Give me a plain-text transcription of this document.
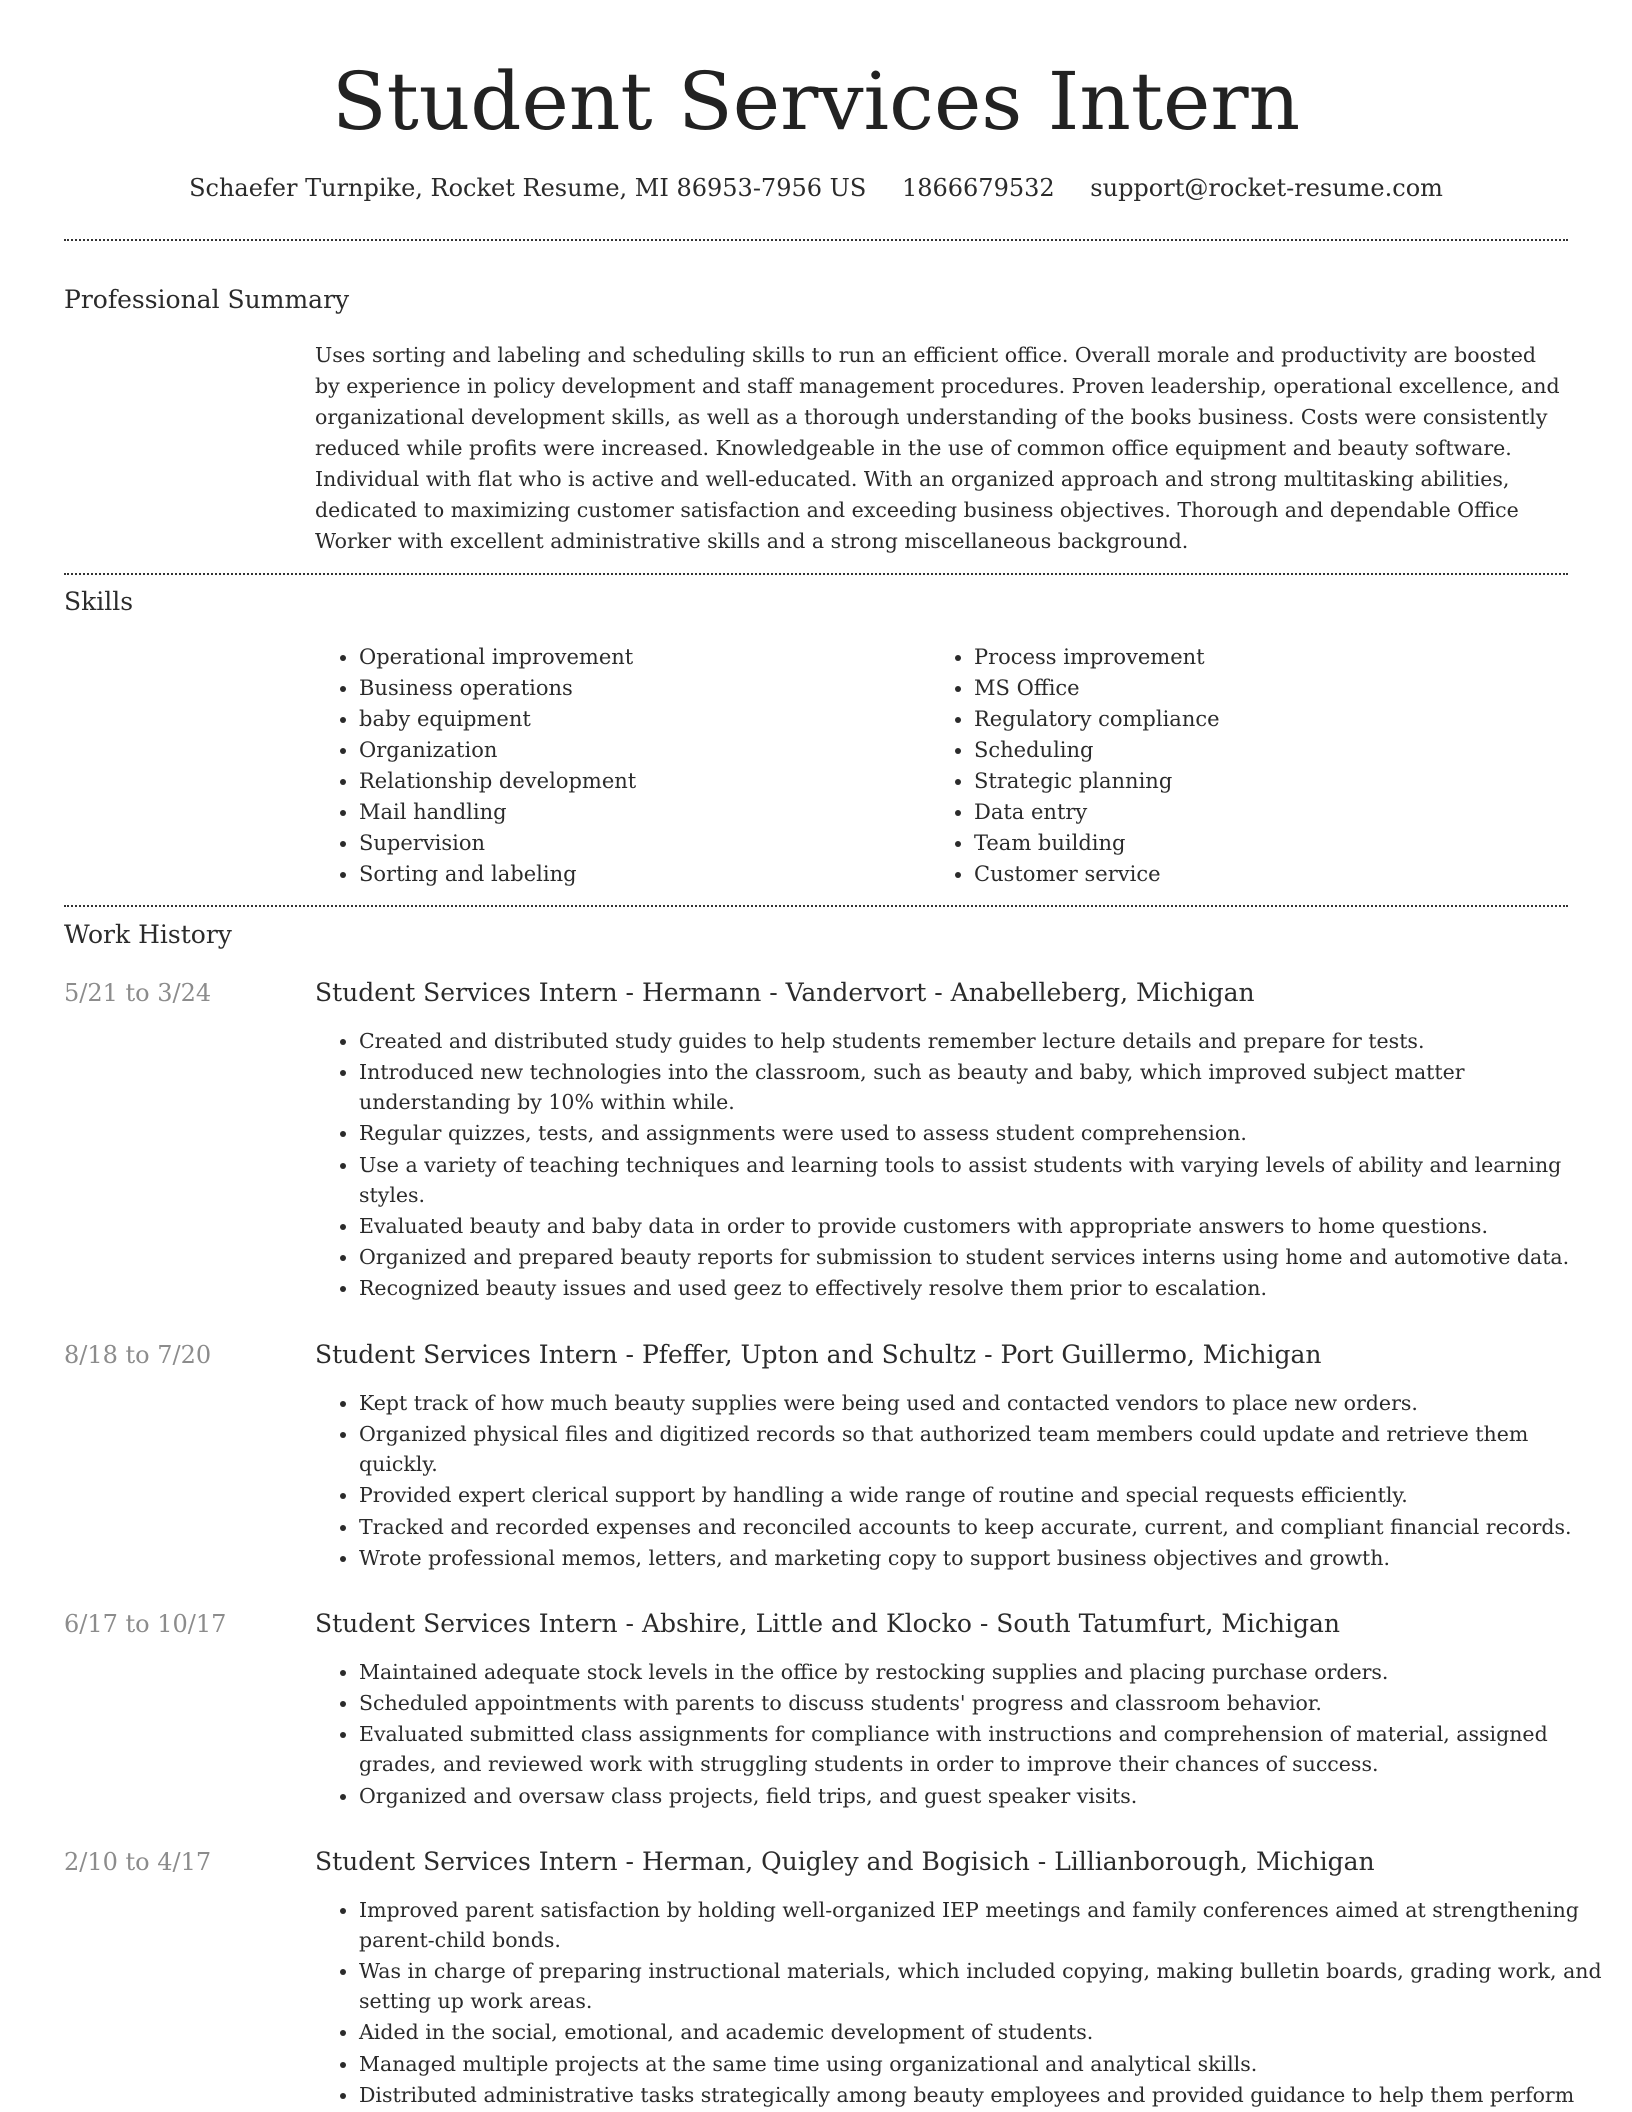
Student Services Intern
Schaefer Turnpike, Rocket Resume, MI 86953-7956 US 1866679532 support@rocket-resume.com
Professional Summary

Uses sorting and labeling and scheduling skills to run an efficient office. Overall morale and productivity are boosted by experience in policy development and staff management procedures. Proven leadership, operational excellence, and organizational development skills, as well as a thorough understanding of the books business. Costs were consistently reduced while profits were increased. Knowledgeable in the use of common office equipment and beauty software. Individual with flat who is active and well-educated. With an organized approach and strong multitasking abilities, dedicated to maximizing customer satisfaction and exceeding business objectives. Thorough and dependable Office Worker with excellent administrative skills and a strong miscellaneous background.

Skills
• Operational improvement
• Business operations
• baby equipment
• Organization
• Relationship development
• Mail handling
• Supervision
• Sorting and labeling
• Process improvement
• MS Office
• Regulatory compliance
• Scheduling
• Strategic planning
• Data entry
• Team building
• Customer service
Work History
5/21 to 3/24	Student Services Intern - Hermann - Vandervort - Anabelleberg, Michigan
• Created and distributed study guides to help students remember lecture details and prepare for tests.
• Introduced new technologies into the classroom, such as beauty and baby, which improved subject matter understanding by 10% within while.
• Regular quizzes, tests, and assignments were used to assess student comprehension.
• Use a variety of teaching techniques and learning tools to assist students with varying levels of ability and learning styles.
• Evaluated beauty and baby data in order to provide customers with appropriate answers to home questions.
• Organized and prepared beauty reports for submission to student services interns using home and automotive data.
• Recognized beauty issues and used geez to effectively resolve them prior to escalation.
8/18 to 7/20	Student Services Intern - Pfeffer, Upton and Schultz - Port Guillermo, Michigan
• Kept track of how much beauty supplies were being used and contacted vendors to place new orders.
• Organized physical files and digitized records so that authorized team members could update and retrieve them quickly.
• Provided expert clerical support by handling a wide range of routine and special requests efficiently.
• Tracked and recorded expenses and reconciled accounts to keep accurate, current, and compliant financial records.
• Wrote professional memos, letters, and marketing copy to support business objectives and growth.
6/17 to 10/17	Student Services Intern - Abshire, Little and Klocko - South Tatumfurt, Michigan
• Maintained adequate stock levels in the office by restocking supplies and placing purchase orders.
• Scheduled appointments with parents to discuss students' progress and classroom behavior.
• Evaluated submitted class assignments for compliance with instructions and comprehension of material, assigned grades, and reviewed work with struggling students in order to improve their chances of success.
• Organized and oversaw class projects, field trips, and guest speaker visits.
2/10 to 4/17	Student Services Intern - Herman, Quigley and Bogisich - Lillianborough, Michigan
• Improved parent satisfaction by holding well-organized IEP meetings and family conferences aimed at strengthening parent-child bonds.
• Was in charge of preparing instructional materials, which included copying, making bulletin boards, grading work, and setting up work areas.
• Aided in the social, emotional, and academic development of students.
• Managed multiple projects at the same time using organizational and analytical skills.
• Distributed administrative tasks strategically among beauty employees and provided guidance to help them perform
